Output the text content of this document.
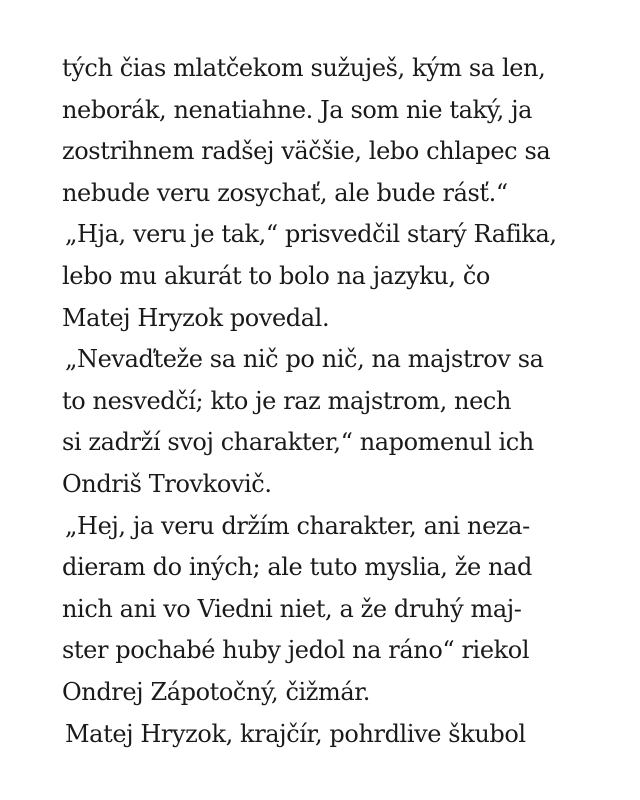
tých čias mlatčekom sužuješ, kým sa len,
neborák, nenatiahne. Ja som nie taký, ja
zostrihnem radšej väčšie, lebo chlapec sa
nebude veru zosychať, ale bude rásť.“
„Hja, veru je tak,“ prisvedčil starý Rafika,
lebo mu akurát to bolo na jazyku, čo
Matej Hryzok povedal.
„Nevaďteže sa nič po nič, na majstrov sa
to nesvedčí; kto je raz majstrom, nech
si zadrží svoj charakter,“ napomenul ich
Ondriš Trovkovič.
„Hej, ja veru držím charakter, ani neza-
dieram do iných; ale tuto myslia, že nad
nich ani vo Viedni niet, a že druhý maj-
ster pochabé huby jedol na ráno“ riekol
Ondrej Zápotočný, čižmár.
Matej Hryzok, krajčír, pohrdlive škubol
